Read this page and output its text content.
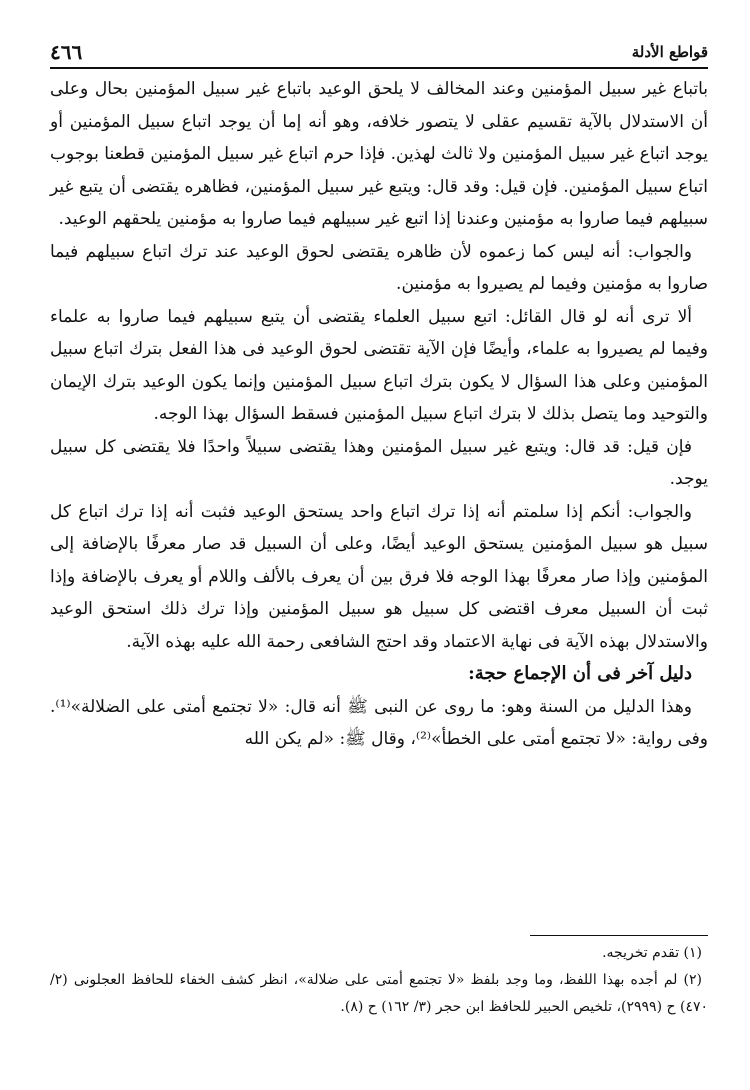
قواطع الأدلة
٤٦٦

باتباع غير سبيل المؤمنين وعند المخالف لا يلحق الوعيد باتباع غير سبيل المؤمنين بحال وعلى أن الاستدلال بالآية تقسيم عقلى لا يتصور خلافه، وهو أنه إما أن يوجد اتباع سبيل المؤمنين أو يوجد اتباع غير سبيل المؤمنين ولا ثالث لهذين. فإذا حرم اتباع غير سبيل المؤمنين قطعنا بوجوب اتباع سبيل المؤمنين. فإن قيل: وقد قال: ويتبع غير سبيل المؤمنين، فظاهره يقتضى أن يتبع غير سبيلهم فيما صاروا به مؤمنين وعندنا إذا اتبع غير سبيلهم فيما صاروا به مؤمنين يلحقهم الوعيد.

والجواب: أنه ليس كما زعموه لأن ظاهره يقتضى لحوق الوعيد عند ترك اتباع سبيلهم فيما صاروا به مؤمنين وفيما لم يصيروا به مؤمنين.

ألا ترى أنه لو قال القائل: اتبع سبيل العلماء يقتضى أن يتبع سبيلهم فيما صاروا به علماء وفيما لم يصيروا به علماء، وأيضًا فإن الآية تقتضى لحوق الوعيد فى هذا الفعل بترك اتباع سبيل المؤمنين وعلى هذا السؤال لا يكون بترك اتباع سبيل المؤمنين وإنما يكون الوعيد بترك الإيمان والتوحيد وما يتصل بذلك لا بترك اتباع سبيل المؤمنين فسقط السؤال بهذا الوجه.

فإن قيل: قد قال: ويتبع غير سبيل المؤمنين وهذا يقتضى سبيلاً واحدًا فلا يقتضى كل سبيل يوجد.

والجواب: أنكم إذا سلمتم أنه إذا ترك اتباع واحد يستحق الوعيد فثبت أنه إذا ترك اتباع كل سبيل هو سبيل المؤمنين يستحق الوعيد أيضًا، وعلى أن السبيل قد صار معرفًا بالإضافة إلى المؤمنين وإذا صار معرفًا بهذا الوجه فلا فرق بين أن يعرف بالألف واللام أو يعرف بالإضافة وإذا ثبت أن السبيل معرف اقتضى كل سبيل هو سبيل المؤمنين وإذا ترك ذلك استحق الوعيد والاستدلال بهذه الآية فى نهاية الاعتماد وقد احتج الشافعى رحمة الله عليه بهذه الآية.

دليل آخر فى أن الإجماع حجة:

وهذا الدليل من السنة وهو: ما روى عن النبى ﷺ أنه قال: «لا تجتمع أمتى على الضلالة»⁽¹⁾. وفى رواية: «لا تجتمع أمتى على الخطأ»⁽²⁾، وقال ﷺ: «لم يكن الله

(١) تقدم تخريجه.

(٢) لم أجده بهذا اللفظ، وما وجد بلفظ «لا تجتمع أمتى على ضلالة»، انظر كشف الخفاء للحافظ العجلونى (٢/ ٤٧٠) ح (٢٩٩٩)، تلخيص الحبير للحافظ ابن حجر (٣/ ١٦٢) ح (٨).
